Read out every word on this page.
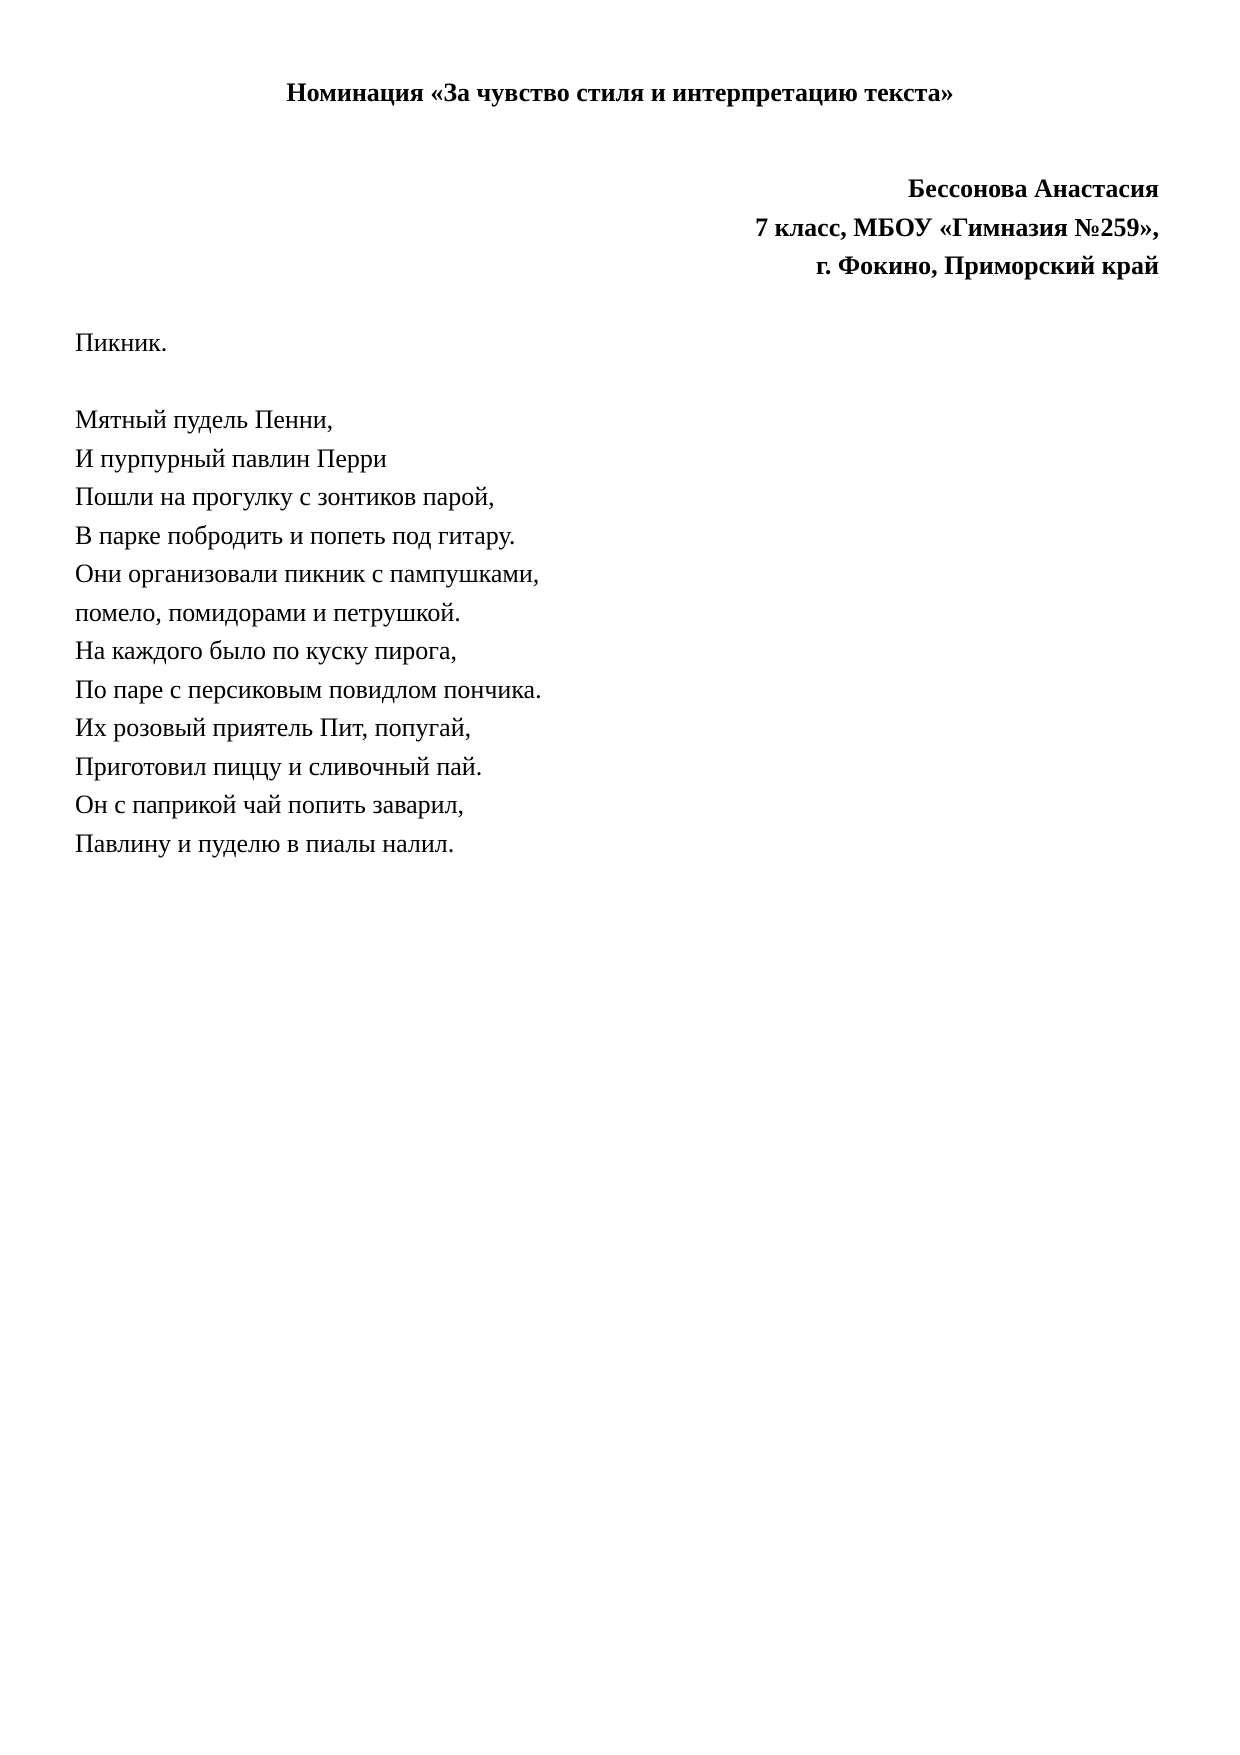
Номинация «За чувство стиля и интерпретацию текста»
Бессонова Анастасия
7 класс, МБОУ «Гимназия №259»,
г. Фокино, Приморский край
Пикник.
Мятный пудель Пенни,
И пурпурный павлин Перри
Пошли на прогулку с зонтиков парой,
В парке побродить и попеть под гитару.
Они организовали пикник с пампушками,
помело, помидорами и петрушкой.
На каждого было по куску пирога,
По паре с персиковым повидлом пончика.
Их розовый приятель Пит, попугай,
Приготовил пиццу и сливочный пай.
Он с паприкой чай попить заварил,
Павлину и пуделю в пиалы налил.
